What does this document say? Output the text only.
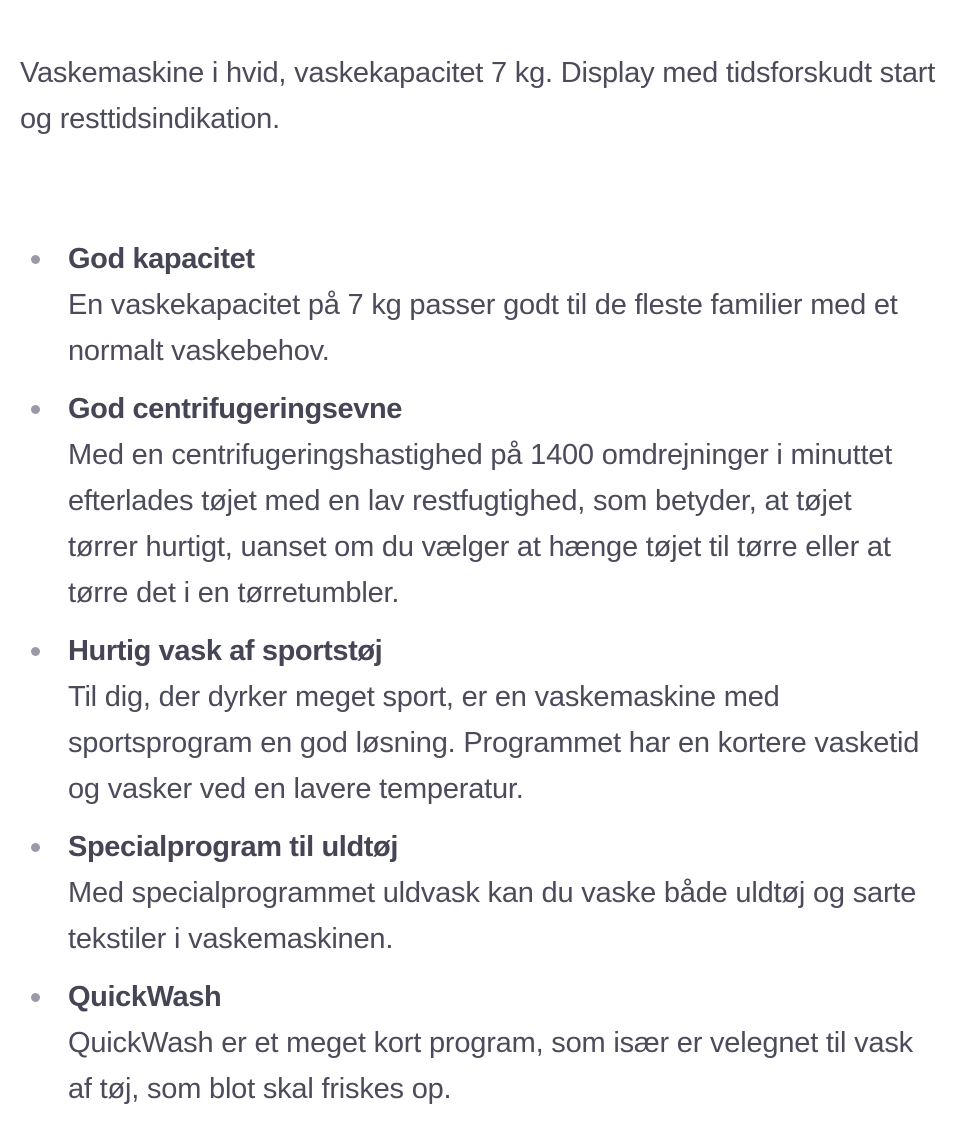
Vaskemaskine i hvid, vaskekapacitet 7 kg. Display med tidsforskudt start og resttidsindikation.

God kapacitet
En vaskekapacitet på 7 kg passer godt til de fleste familier med et normalt vaskebehov.
God centrifugeringsevne
Med en centrifugeringshastighed på 1400 omdrejninger i minuttet efterlades tøjet med en lav restfugtighed, som betyder, at tøjet tørrer hurtigt, uanset om du vælger at hænge tøjet til tørre eller at tørre det i en tørretumbler.
Hurtig vask af sportstøj
Til dig, der dyrker meget sport, er en vaskemaskine med sportsprogram en god løsning. Programmet har en kortere vasketid og vasker ved en lavere temperatur.
Specialprogram til uldtøj
Med specialprogrammet uldvask kan du vaske både uldtøj og sarte tekstiler i vaskemaskinen.
QuickWash
QuickWash er et meget kort program, som især er velegnet til vask af tøj, som blot skal friskes op.
